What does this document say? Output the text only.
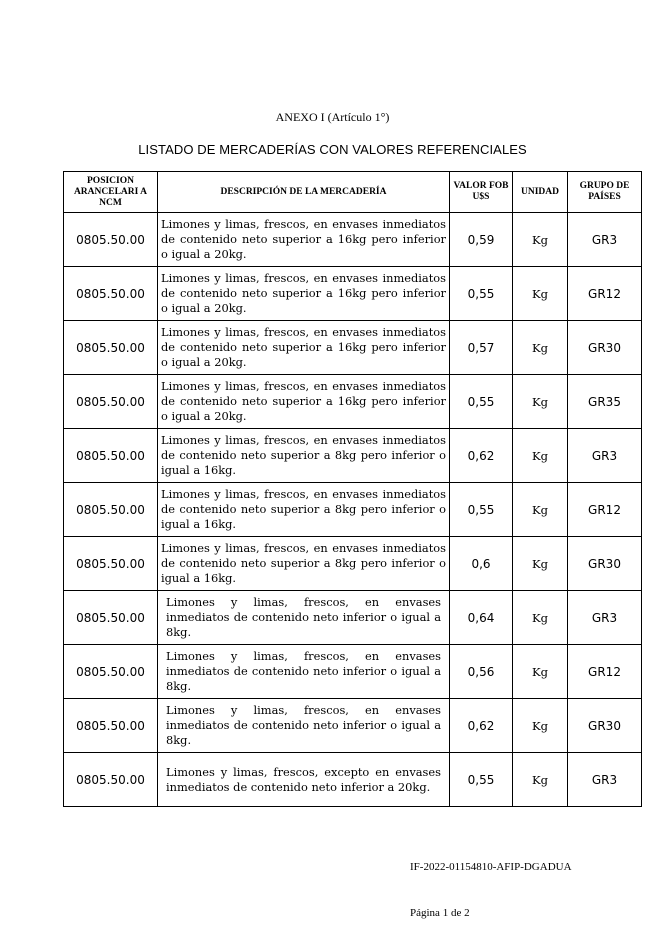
ANEXO I (Artículo 1°)
LISTADO DE MERCADERÍAS CON VALORES REFERENCIALES
POSICION ARANCELARI A NCM	DESCRIPCIÓN DE LA MERCADERÍA	VALOR FOB U$S	UNIDAD	GRUPO DE PAÍSES
0805.50.00	Limones y limas, frescos, en envases inmediatos de contenido neto superior a 16kg pero inferior o igual a 20kg.	0,59	Kg	GR3
0805.50.00	Limones y limas, frescos, en envases inmediatos de contenido neto superior a 16kg pero inferior o igual a 20kg.	0,55	Kg	GR12
0805.50.00	Limones y limas, frescos, en envases inmediatos de contenido neto superior a 16kg pero inferior o igual a 20kg.	0,57	Kg	GR30
0805.50.00	Limones y limas, frescos, en envases inmediatos de contenido neto superior a 16kg pero inferior o igual a 20kg.	0,55	Kg	GR35
0805.50.00	Limones y limas, frescos, en envases inmediatos de contenido neto superior a 8kg pero inferior o igual a 16kg.	0,62	Kg	GR3
0805.50.00	Limones y limas, frescos, en envases inmediatos de contenido neto superior a 8kg pero inferior o igual a 16kg.	0,55	Kg	GR12
0805.50.00	Limones y limas, frescos, en envases inmediatos de contenido neto superior a 8kg pero inferior o igual a 16kg.	0,6	Kg	GR30
0805.50.00	Limones y limas, frescos, en envases inmediatos de contenido neto inferior o igual a 8kg.	0,64	Kg	GR3
0805.50.00	Limones y limas, frescos, en envases inmediatos de contenido neto inferior o igual a 8kg.	0,56	Kg	GR12
0805.50.00	Limones y limas, frescos, en envases inmediatos de contenido neto inferior o igual a 8kg.	0,62	Kg	GR30
0805.50.00	Limones y limas, frescos, excepto en envases inmediatos de contenido neto inferior a 20kg.	0,55	Kg	GR3
IF-2022-01154810-AFIP-DGADUA
Página 1 de 2
